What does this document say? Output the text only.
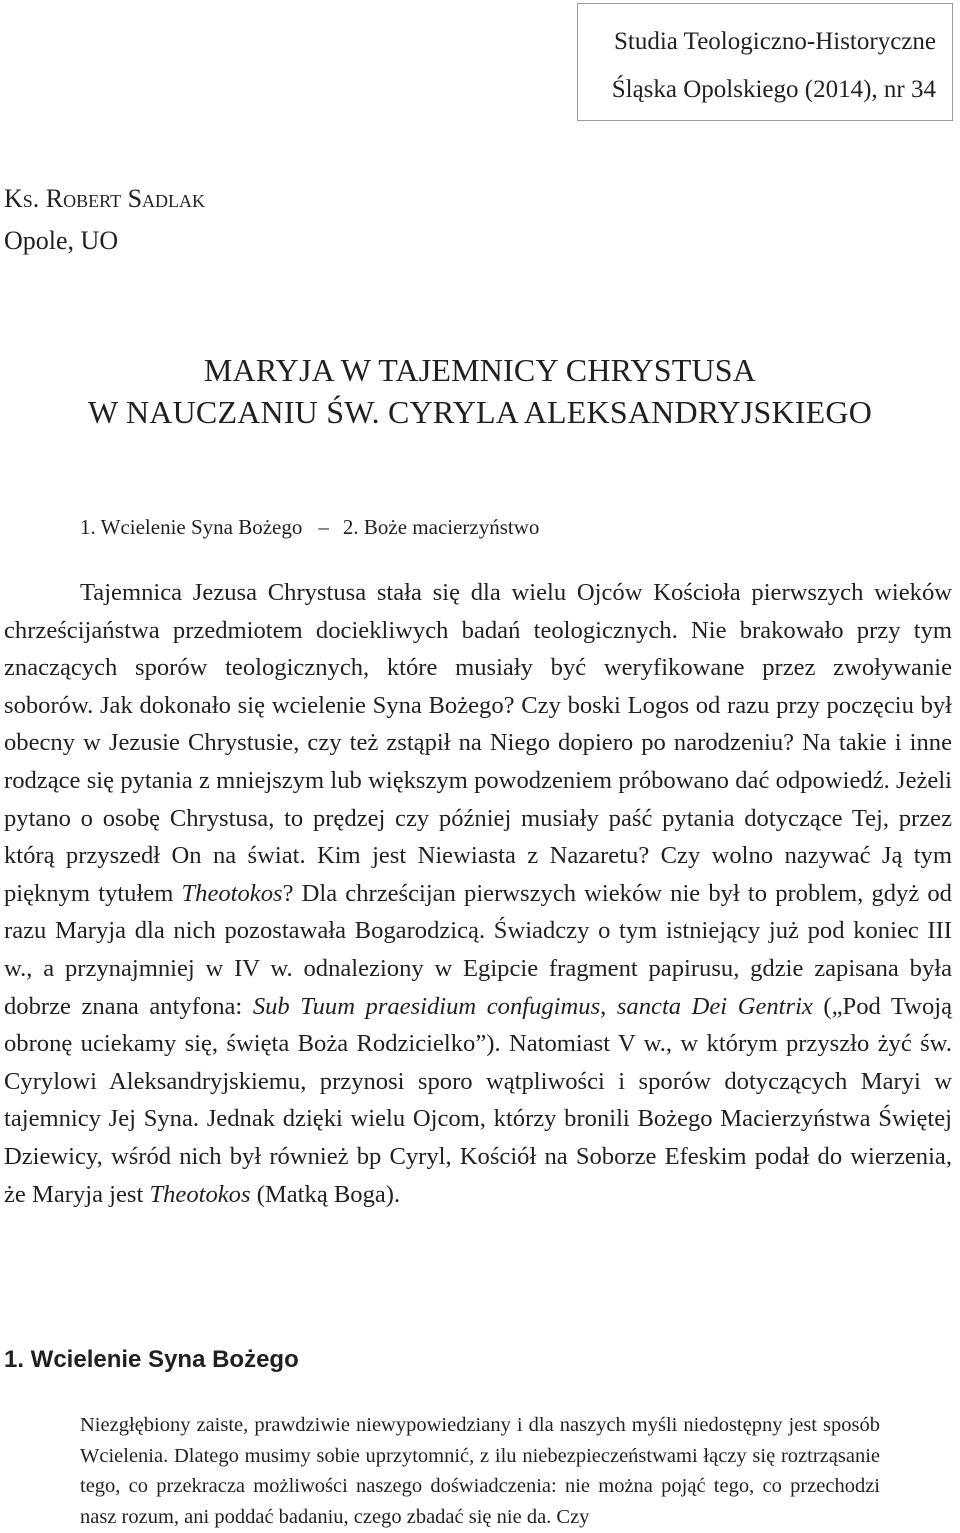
Studia Teologiczno-Historyczne
Śląska Opolskiego (2014), nr 34
Ks. Robert Sadlak
Opole, UO
MARYJA W TAJEMNICY CHRYSTUSA
W NAUCZANIU ŚW. CYRYLA ALEKSANDRYJSKIEGO
1. Wcielenie Syna Bożego – 2. Boże macierzyństwo

Tajemnica Jezusa Chrystusa stała się dla wielu Ojców Kościoła pierwszych wieków chrześcijaństwa przedmiotem dociekliwych badań teologicznych. Nie brakowało przy tym znaczących sporów teologicznych, które musiały być weryfikowane przez zwoływanie soborów. Jak dokonało się wcielenie Syna Bożego? Czy boski Logos od razu przy poczęciu był obecny w Jezusie Chrystusie, czy też zstąpił na Niego dopiero po narodzeniu? Na takie i inne rodzące się pytania z mniejszym lub większym powodzeniem próbowano dać odpowiedź. Jeżeli pytano o osobę Chrystusa, to prędzej czy później musiały paść pytania dotyczące Tej, przez którą przyszedł On na świat. Kim jest Niewiasta z Nazaretu? Czy wolno nazywać Ją tym pięknym tytułem Theotokos? Dla chrześcijan pierwszych wieków nie był to problem, gdyż od razu Maryja dla nich pozostawała Bogarodzicą. Świadczy o tym istniejący już pod koniec III w., a przynajmniej w IV w. odnaleziony w Egipcie fragment papirusu, gdzie zapisana była dobrze znana antyfona: Sub Tuum praesidium confugimus, sancta Dei Gentrix („Pod Twoją obronę uciekamy się, święta Boża Rodzicielko”). Natomiast V w., w którym przyszło żyć św. Cyrylowi Aleksandryjskiemu, przynosi sporo wątpliwości i sporów dotyczących Maryi w tajemnicy Jej Syna. Jednak dzięki wielu Ojcom, którzy bronili Bożego Macierzyństwa Świętej Dziewicy, wśród nich był również bp Cyryl, Kościół na Soborze Efeskim podał do wierzenia, że Maryja jest Theotokos (Matką Boga).

1. Wcielenie Syna Bożego

Niezgłębiony zaiste, prawdziwie niewypowiedziany i dla naszych myśli niedostępny jest sposób Wcielenia. Dlatego musimy sobie uprzytomnić, z ilu niebezpieczeństwami łączy się roztrząsanie tego, co przekracza możliwości naszego doświadczenia: nie można pojąć tego, co przechodzi nasz rozum, ani poddać badaniu, czego zbadać się nie da. Czy
